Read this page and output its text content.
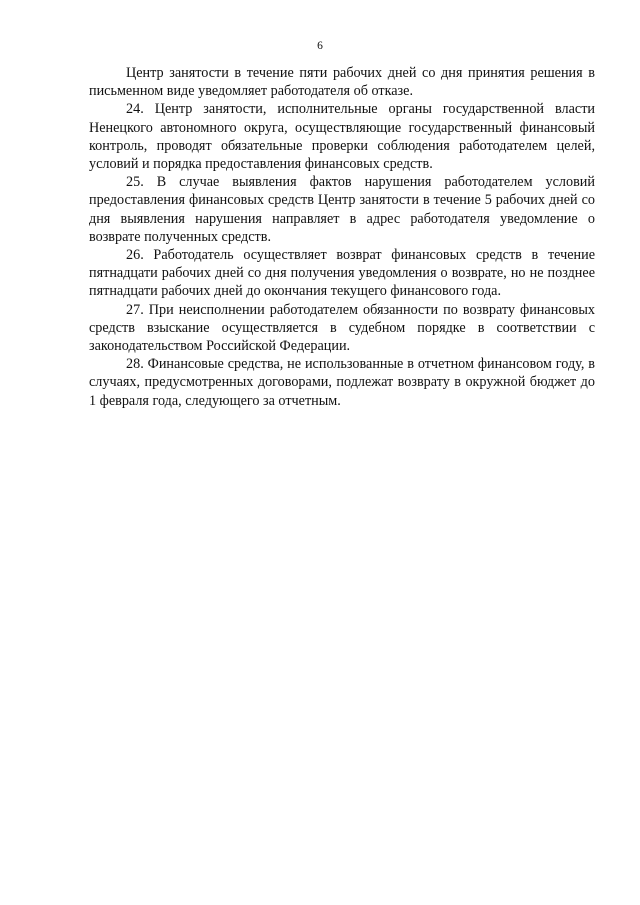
6

Центр занятости в течение пяти рабочих дней со дня принятия решения в письменном виде уведомляет работодателя об отказе.

24. Центр занятости, исполнительные органы государственной власти Ненецкого автономного округа, осуществляющие государственный финансовый контроль, проводят обязательные проверки соблюдения работодателем целей, условий и порядка предоставления финансовых средств.

25. В случае выявления фактов нарушения работодателем условий предоставления финансовых средств Центр занятости в течение 5 рабочих дней со дня выявления нарушения направляет в адрес работодателя уведомление о возврате полученных средств.

26. Работодатель осуществляет возврат финансовых средств в течение пятнадцати рабочих дней со дня получения уведомления о возврате, но не позднее пятнадцати рабочих дней до окончания текущего финансового года.

27. При неисполнении работодателем обязанности по возврату финансовых средств взыскание осуществляется в судебном порядке в соответствии с законодательством Российской Федерации.

28. Финансовые средства, не использованные в отчетном финансовом году, в случаях, предусмотренных договорами, подлежат возврату в окружной бюджет до 1 февраля года, следующего за отчетным.
